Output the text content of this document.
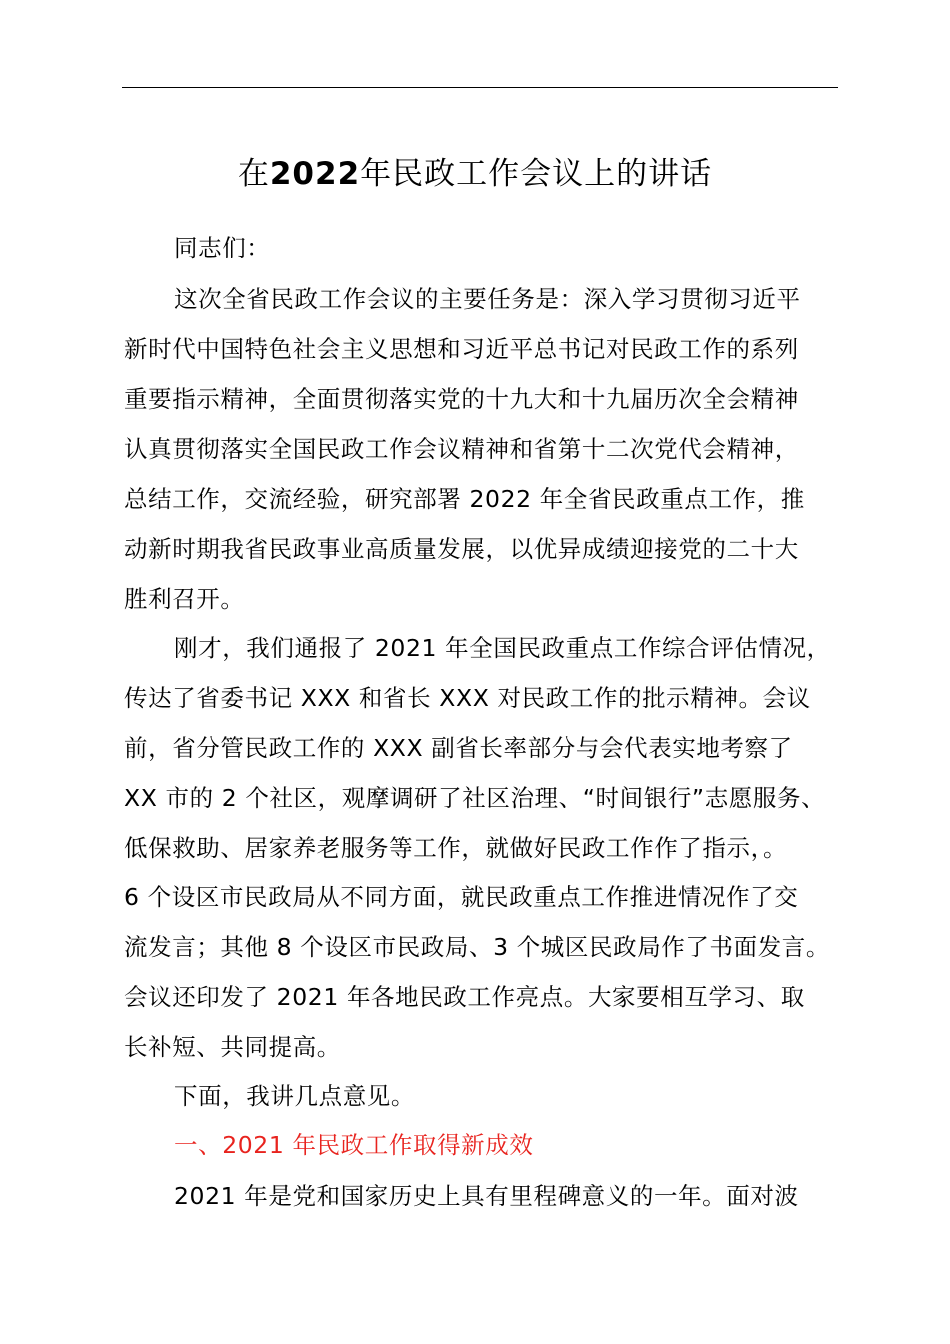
在2022年民政工作会议上的讲话
同志们：
这次全省民政工作会议的主要任务是：深入学习贯彻习近平
新时代中国特色社会主义思想和习近平总书记对民政工作的系列
重要指示精神，全面贯彻落实党的十九大和十九届历次全会精神
认真贯彻落实全国民政工作会议精神和省第十二次党代会精神，
总结工作，交流经验，研究部署 2022 年全省民政重点工作，推
动新时期我省民政事业高质量发展，以优异成绩迎接党的二十大
胜利召开。
刚才，我们通报了 2021 年全国民政重点工作综合评估情况，
传达了省委书记 XXX 和省长 XXX 对民政工作的批示精神。会议
前，省分管民政工作的 XXX 副省长率部分与会代表实地考察了
XX 市的 2 个社区，观摩调研了社区治理、“时间银行”志愿服务、
低保救助、居家养老服务等工作，就做好民政工作作了指示，。
6 个设区市民政局从不同方面，就民政重点工作推进情况作了交
流发言；其他 8 个设区市民政局、3 个城区民政局作了书面发言。
会议还印发了 2021 年各地民政工作亮点。大家要相互学习、取
长补短、共同提高。
下面，我讲几点意见。
一、2021 年民政工作取得新成效
2021 年是党和国家历史上具有里程碑意义的一年。面对波
